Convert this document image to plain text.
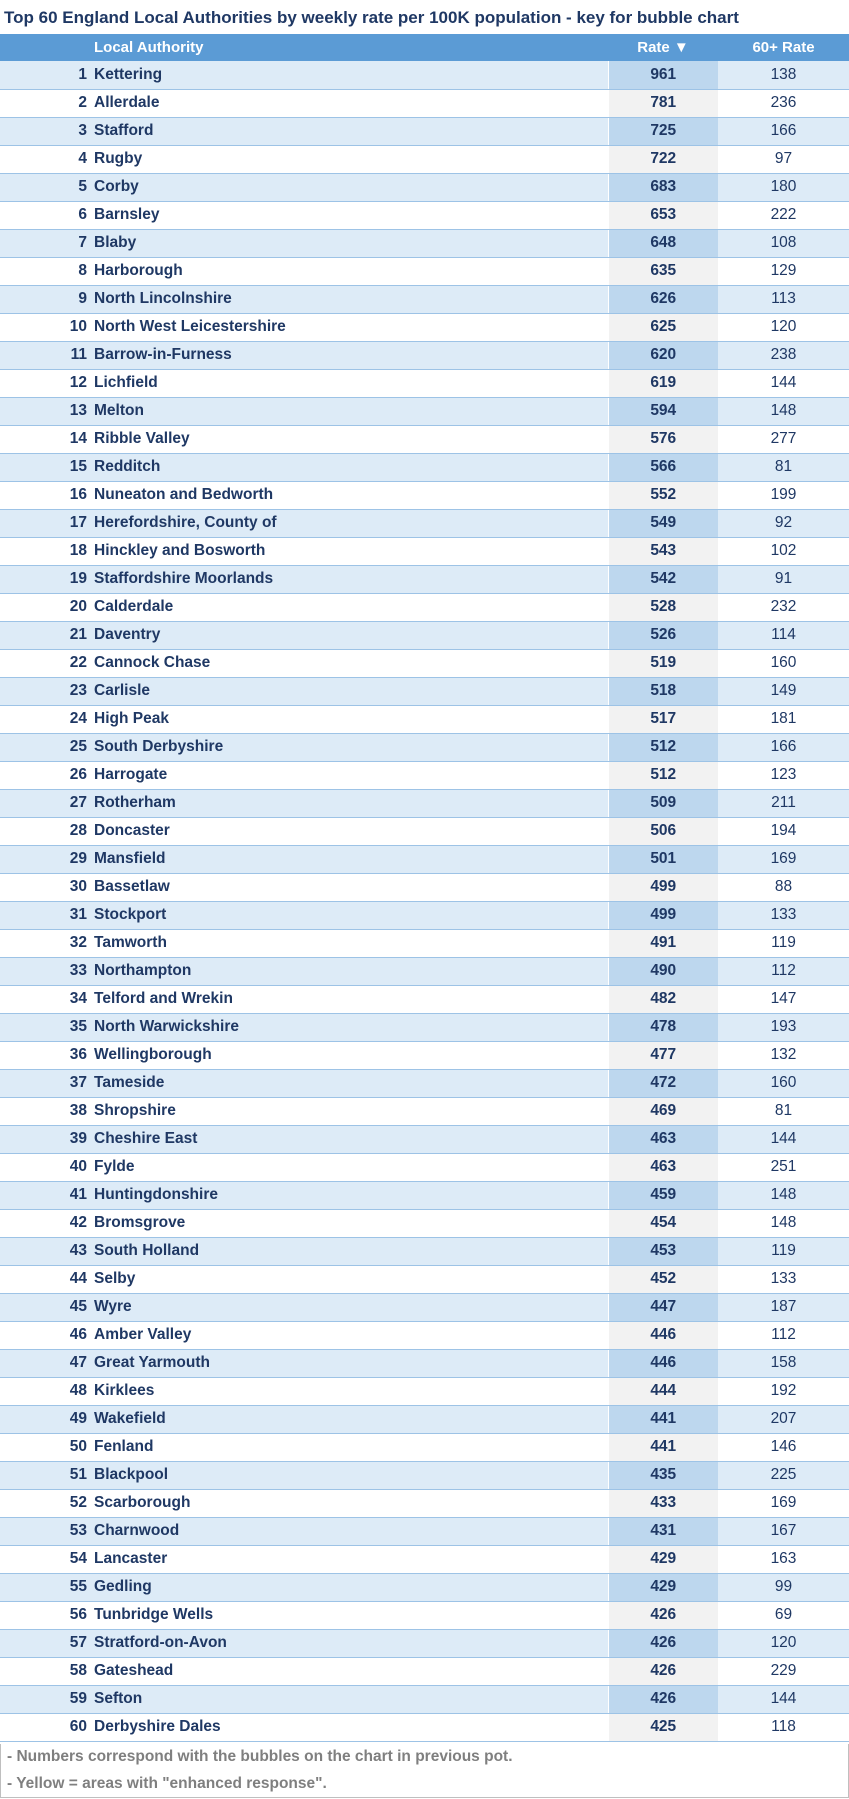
Top 60 England Local Authorities by weekly rate per 100K population - key for bubble chart
Local Authority	Rate ▼	60+ Rate
1 Kettering	961	138
2 Allerdale	781	236
3 Stafford	725	166
4 Rugby	722	97
5 Corby	683	180
6 Barnsley	653	222
7 Blaby	648	108
8 Harborough	635	129
9 North Lincolnshire	626	113
10 North West Leicestershire	625	120
11 Barrow-in-Furness	620	238
12 Lichfield	619	144
13 Melton	594	148
14 Ribble Valley	576	277
15 Redditch	566	81
16 Nuneaton and Bedworth	552	199
17 Herefordshire, County of	549	92
18 Hinckley and Bosworth	543	102
19 Staffordshire Moorlands	542	91
20 Calderdale	528	232
21 Daventry	526	114
22 Cannock Chase	519	160
23 Carlisle	518	149
24 High Peak	517	181
25 South Derbyshire	512	166
26 Harrogate	512	123
27 Rotherham	509	211
28 Doncaster	506	194
29 Mansfield	501	169
30 Bassetlaw	499	88
31 Stockport	499	133
32 Tamworth	491	119
33 Northampton	490	112
34 Telford and Wrekin	482	147
35 North Warwickshire	478	193
36 Wellingborough	477	132
37 Tameside	472	160
38 Shropshire	469	81
39 Cheshire East	463	144
40 Fylde	463	251
41 Huntingdonshire	459	148
42 Bromsgrove	454	148
43 South Holland	453	119
44 Selby	452	133
45 Wyre	447	187
46 Amber Valley	446	112
47 Great Yarmouth	446	158
48 Kirklees	444	192
49 Wakefield	441	207
50 Fenland	441	146
51 Blackpool	435	225
52 Scarborough	433	169
53 Charnwood	431	167
54 Lancaster	429	163
55 Gedling	429	99
56 Tunbridge Wells	426	69
57 Stratford-on-Avon	426	120
58 Gateshead	426	229
59 Sefton	426	144
60 Derbyshire Dales	425	118
- Numbers correspond with the bubbles on the chart in previous pot.
- Yellow = areas with "enhanced response".
